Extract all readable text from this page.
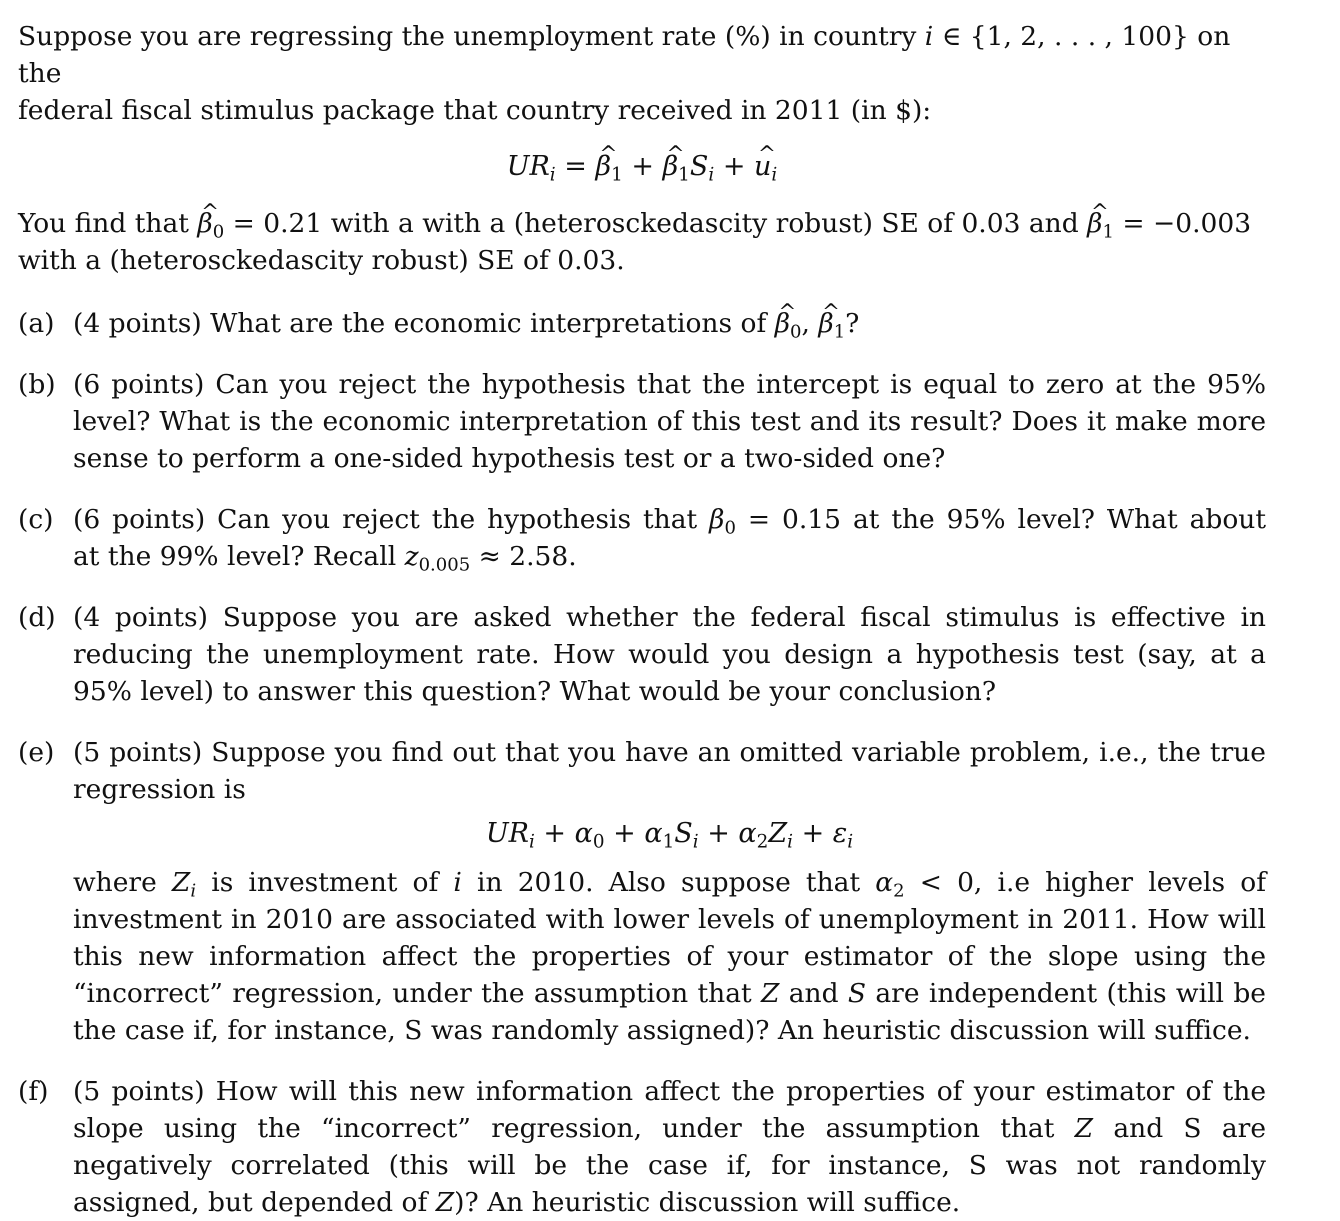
Suppose you are regressing the unemployment rate (%) in country i ∈ {1, 2, . . . , 100} on the

federal fiscal stimulus package that country received in 2011 (in $):

$UR_i$ = ^ $\beta_1$ + ^ $\beta_1S_i$ + ^ $u_i$

You find that ^ $\beta_0 = 0.21$ with a with a (heterosckedascity robust) SE of 0.03 and ^ $\beta_1 = -0.003$

with a (heterosckedascity robust) SE of 0.03.

(a) (4 points) What are the economic interpretations of ^ $\beta_0$, ^ $\beta_1$?
(b) (6 points) Can you reject the hypothesis that the intercept is equal to zero at the 95% level? What is the economic interpretation of this test and its result? Does it make more sense to perform a one-sided hypothesis test or a two-sided one?
(c) (6 points) Can you reject the hypothesis that $\beta_0 = 0.15$ at the 95% level? What about
at the 99% level? Recall $z_{0.005} \approx 2.58$.
(d) (4 points) Suppose you are asked whether the federal fiscal stimulus is effective in reducing the unemployment rate. How would you design a hypothesis test (say, at a 95% level) to answer this question? What would be your conclusion?
(e) (5 points) Suppose you find out that you have an omitted variable problem, i.e., the true regression is
$UR_i + \alpha_0 + \alpha_1S_i + \alpha_2Z_i + \varepsilon_i$
where $Z_i$ is investment of i in 2010. Also suppose that $\alpha_2 < 0$, i.e higher levels of investment in 2010 are associated with lower levels of unemployment in 2011. How will this new information affect the properties of your estimator of the slope using the “incorrect” regression, under the assumption that Z and S are independent (this will be the case if, for instance, S was randomly assigned)? An heuristic discussion will suffice.
(f) (5 points) How will this new information affect the properties of your estimator of the slope using the “incorrect” regression, under the assumption that Z and S are negatively correlated (this will be the case if, for instance, S was not randomly assigned, but depended of Z)? An heuristic discussion will suffice.
